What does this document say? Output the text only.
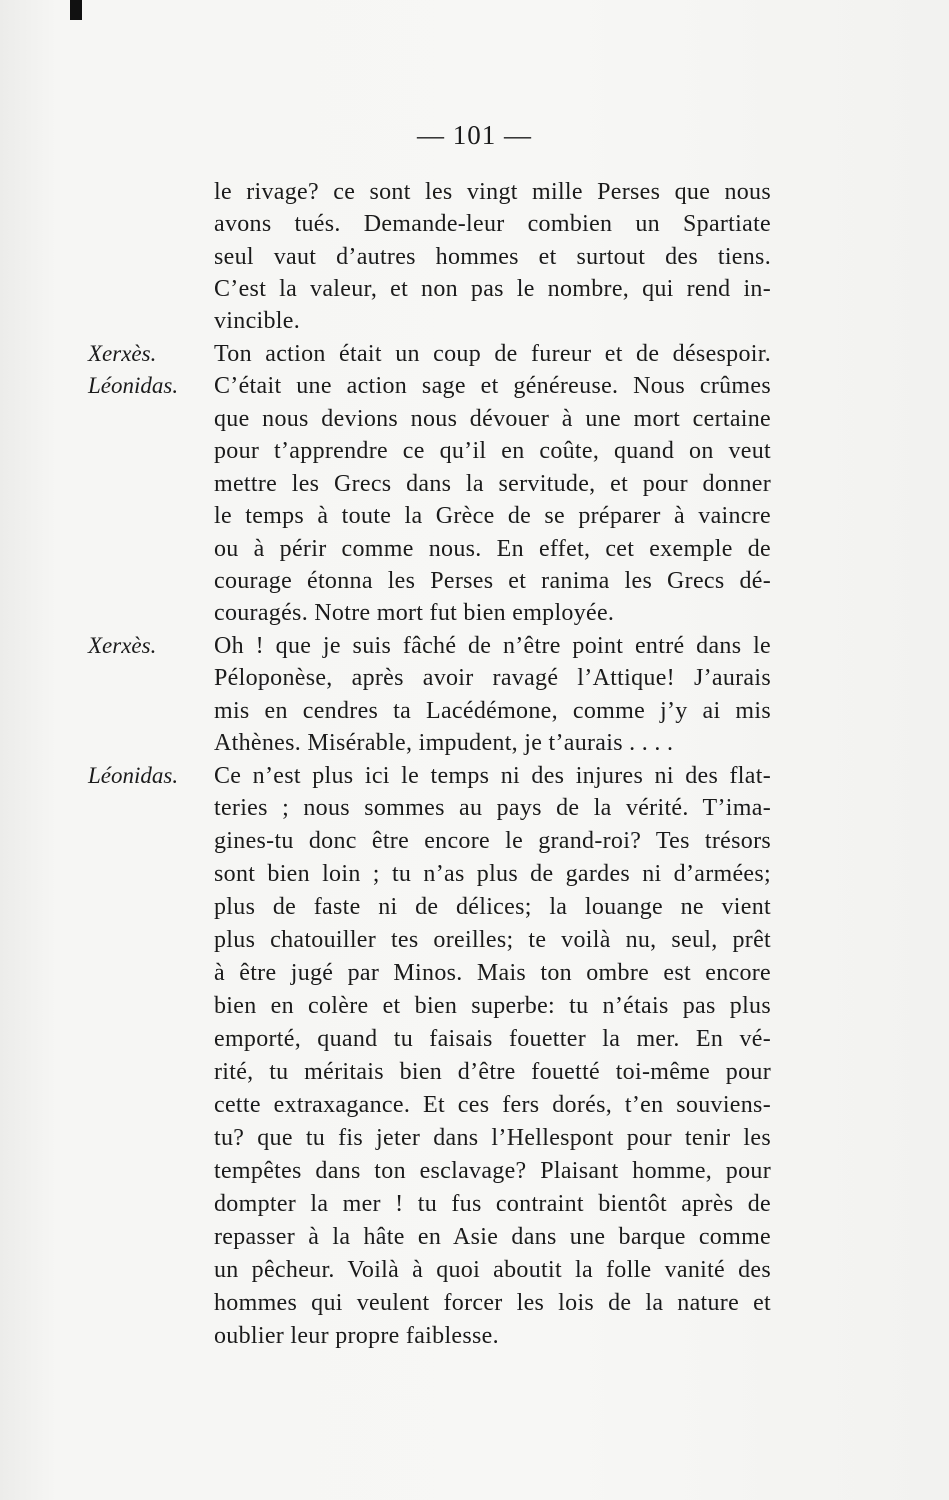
— 101 —
Xerxès.
Léonidas.
Xerxès.
Léonidas.
le rivage? ce sont les vingt mille Perses que nous
avons tués. Demande-leur combien un Spartiate
seul vaut d’autres hommes et surtout des tiens.
C’est la valeur, et non pas le nombre, qui rend in-
vincible.
Ton action était un coup de fureur et de désespoir.
C’était une action sage et généreuse. Nous crûmes
que nous devions nous dévouer à une mort certaine
pour t’apprendre ce qu’il en coûte, quand on veut
mettre les Grecs dans la servitude, et pour donner
le temps à toute la Grèce de se préparer à vaincre
ou à périr comme nous. En effet, cet exemple de
courage étonna les Perses et ranima les Grecs dé-
couragés. Notre mort fut bien employée.
Oh ! que je suis fâché de n’être point entré dans le
Péloponèse, après avoir ravagé l’Attique! J’aurais
mis en cendres ta Lacédémone, comme j’y ai mis
Athènes. Misérable, impudent, je t’aurais . . . .
Ce n’est plus ici le temps ni des injures ni des flat-
teries ; nous sommes au pays de la vérité. T’ima-
gines-tu donc être encore le grand-roi? Tes trésors
sont bien loin ; tu n’as plus de gardes ni d’armées;
plus de faste ni de délices; la louange ne vient
plus chatouiller tes oreilles; te voilà nu, seul, prêt
à être jugé par Minos. Mais ton ombre est encore
bien en colère et bien superbe: tu n’étais pas plus
emporté, quand tu faisais fouetter la mer. En vé-
rité, tu méritais bien d’être fouetté toi-même pour
cette extraxagance. Et ces fers dorés, t’en souviens-
tu? que tu fis jeter dans l’Hellespont pour tenir les
tempêtes dans ton esclavage? Plaisant homme, pour
dompter la mer ! tu fus contraint bientôt après de
repasser à la hâte en Asie dans une barque comme
un pêcheur. Voilà à quoi aboutit la folle vanité des
hommes qui veulent forcer les lois de la nature et
oublier leur propre faiblesse.
